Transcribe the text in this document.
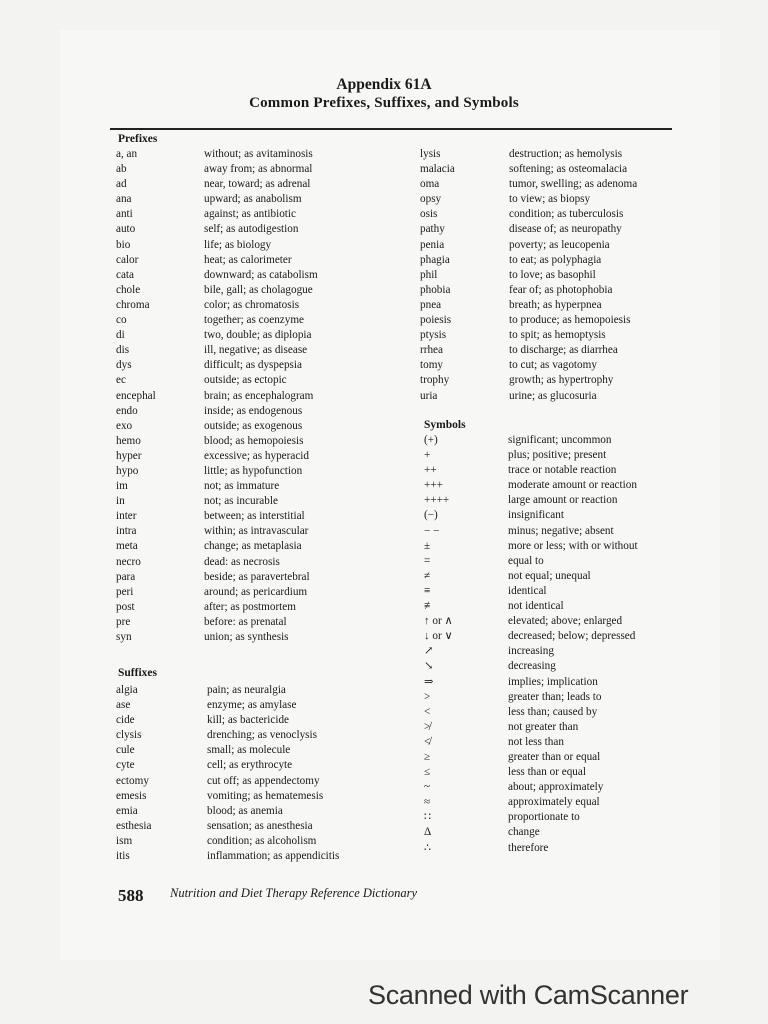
Appendix 61A
Common Prefixes, Suffixes, and Symbols
Prefixes
a, an
ab
ad
ana
anti
auto
bio
calor
cata
chole
chroma
co
di
dis
dys
ec
encephal
endo
exo
hemo
hyper
hypo
im
in
inter
intra
meta
necro
para
peri
post
pre
syn
without; as avitaminosis
away from; as abnormal
near, toward; as adrenal
upward; as anabolism
against; as antibiotic
self; as autodigestion
life; as biology
heat; as calorimeter
downward; as catabolism
bile, gall; as cholagogue
color; as chromatosis
together; as coenzyme
two, double; as diplopia
ill, negative; as disease
difficult; as dyspepsia
outside; as ectopic
brain; as encephalogram
inside; as endogenous
outside; as exogenous
blood; as hemopoiesis
excessive; as hyperacid
little; as hypofunction
not; as immature
not; as incurable
between; as interstitial
within; as intravascular
change; as metaplasia
dead: as necrosis
beside; as paravertebral
around; as pericardium
after; as postmortem
before: as prenatal
union; as synthesis
Suffixes
algia
ase
cide
clysis
cule
cyte
ectomy
emesis
emia
esthesia
ism
itis
pain; as neuralgia
enzyme; as amylase
kill; as bactericide
drenching; as venoclysis
small; as molecule
cell; as erythrocyte
cut off; as appendectomy
vomiting; as hematemesis
blood; as anemia
sensation; as anesthesia
condition; as alcoholism
inflammation; as appendicitis
lysis
malacia
oma
opsy
osis
pathy
penia
phagia
phil
phobia
pnea
poiesis
ptysis
rrhea
tomy
trophy
uria
destruction; as hemolysis
softening; as osteomalacia
tumor, swelling; as adenoma
to view; as biopsy
condition; as tuberculosis
disease of; as neuropathy
poverty; as leucopenia
to eat; as polyphagia
to love; as basophil
fear of; as photophobia
breath; as hyperpnea
to produce; as hemopoiesis
to spit; as hemoptysis
to discharge; as diarrhea
to cut; as vagotomy
growth; as hypertrophy
urine; as glucosuria
Symbols
(+)
+
++
+++
++++
(−)
− −
±
=
≠
≡
≢
↑ or ∧
↓ or ∨
↗
↘
⇒
>
<
≯
≮
≥
≤
~
≈
∷
Δ
∴
significant; uncommon
plus; positive; present
trace or notable reaction
moderate amount or reaction
large amount or reaction
insignificant
minus; negative; absent
more or less; with or without
equal to
not equal; unequal
identical
not identical
elevated; above; enlarged
decreased; below; depressed
increasing
decreasing
implies; implication
greater than; leads to
less than; caused by
not greater than
not less than
greater than or equal
less than or equal
about; approximately
approximately equal
proportionate to
change
therefore
588 Nutrition and Diet Therapy Reference Dictionary
Scanned with CamScanner
